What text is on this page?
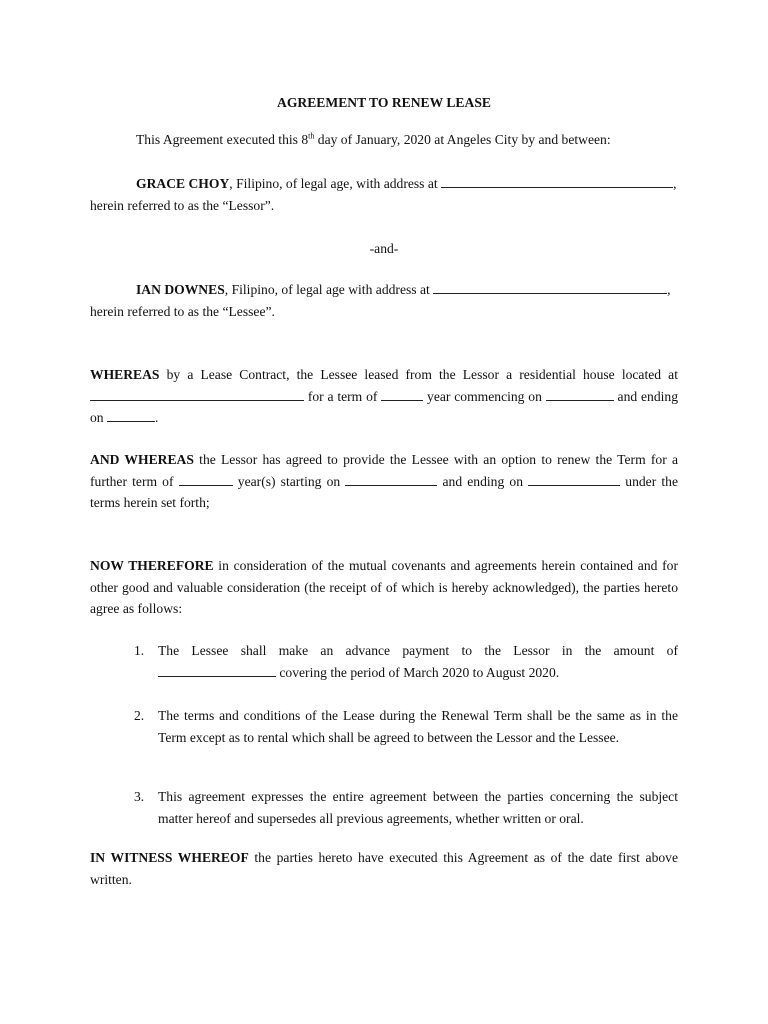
AGREEMENT TO RENEW LEASE

This Agreement executed this 8th day of January, 2020 at Angeles City by and between:

GRACE CHOY, Filipino, of legal age, with address at	,
herein referred to as the “Lessor”.

-and-

IAN DOWNES, Filipino, of legal age with address at	,
herein referred to as the “Lessee”.

WHEREAS by a Lease Contract, the Lessee leased from the Lessor a residential house located at for a term of	year commencing on	and ending on	.

AND WHEREAS the Lessor has agreed to provide the Lessee with an option to renew the Term for a further term of	year(s) starting on	and ending on	under the terms herein set forth;

NOW THEREFORE in consideration of the mutual covenants and agreements herein contained and for other good and valuable consideration (the receipt of of which is hereby acknowledged), the parties hereto agree as follows:

1. The Lessee shall make an advance payment to the Lessor in the amount of  covering the period of March 2020 to August 2020.
2. The terms and conditions of the Lease during the Renewal Term shall be the same as in the Term except as to rental which shall be agreed to between the Lessor and the Lessee.
3. This agreement expresses the entire agreement between the parties concerning the subject matter hereof and supersedes all previous agreements, whether written or oral.

IN WITNESS WHEREOF the parties hereto have executed this Agreement as of the date first above written.
